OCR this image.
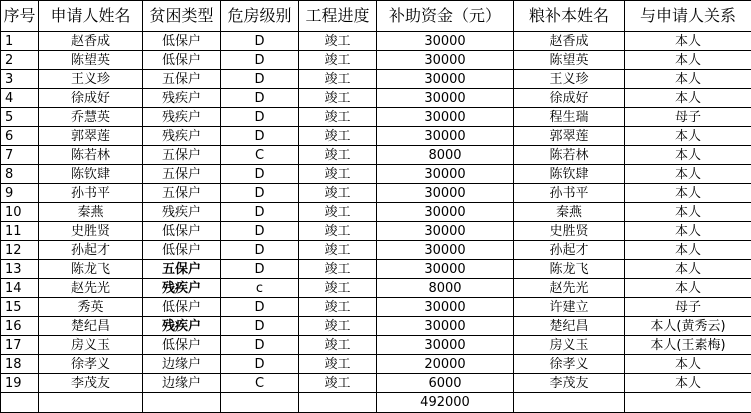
序号	申请人姓名	贫困类型	危房级别	工程进度	补助资金（元）	粮补本姓名	与申请人关系
1	赵香成	低保户	D	竣工	30000	赵香成	本人
2	陈望英	低保户	D	竣工	30000	陈望英	本人
3	王义珍	五保户	D	竣工	30000	王义珍	本人
4	徐成好	残疾户	D	竣工	30000	徐成好	本人
5	乔慧英	残疾户	D	竣工	30000	程生瑞	母子
6	郭翠莲	残疾户	D	竣工	30000	郭翠莲	本人
7	陈若林	五保户	C	竣工	8000	陈若林	本人
8	陈钦肆	五保户	D	竣工	30000	陈钦肆	本人
9	孙书平	五保户	D	竣工	30000	孙书平	本人
10	秦燕	残疾户	D	竣工	30000	秦燕	本人
11	史胜贤	低保户	D	竣工	30000	史胜贤	本人
12	孙起才	低保户	D	竣工	30000	孙起才	本人
13	陈龙飞	五保户	D	竣工	30000	陈龙飞	本人
14	赵先光	残疾户	c	竣工	8000	赵先光	本人
15	秀英	低保户	D	竣工	30000	许建立	母子
16	楚纪昌	残疾户	D	竣工	30000	楚纪昌	本人(黄秀云)
17	房义玉	低保户	D	竣工	30000	房义玉	本人(王素梅)
18	徐孝义	边缘户	D	竣工	20000	徐孝义	本人
19	李茂友	边缘户	C	竣工	6000	李茂友	本人
					492000		
